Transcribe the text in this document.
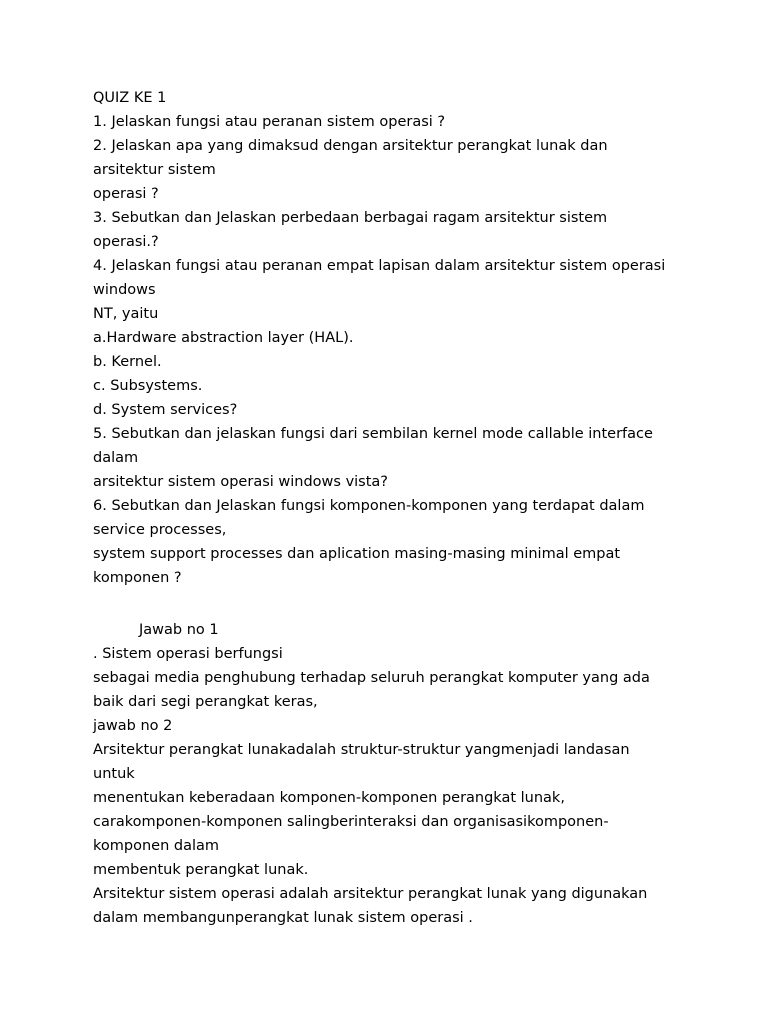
QUIZ KE 1
1. Jelaskan fungsi atau peranan sistem operasi ?
2. Jelaskan apa yang dimaksud dengan arsitektur perangkat lunak dan
arsitektur sistem
operasi ?
3. Sebutkan dan Jelaskan perbedaan berbagai ragam arsitektur sistem
operasi.?
4. Jelaskan fungsi atau peranan empat lapisan dalam arsitektur sistem operasi
windows
NT, yaitu
a.Hardware abstraction layer (HAL).
b. Kernel.
c. Subsystems.
d. System services?
5. Sebutkan dan jelaskan fungsi dari sembilan kernel mode callable interface
dalam
arsitektur sistem operasi windows vista?
6. Sebutkan dan Jelaskan fungsi komponen-komponen yang terdapat dalam
service processes,
system support processes dan aplication masing-masing minimal empat
komponen ?
Jawab no 1
. Sistem operasi berfungsi
sebagai media penghubung terhadap seluruh perangkat komputer yang ada
baik dari segi perangkat keras,
jawab no 2
Arsitektur perangkat lunakadalah struktur-struktur yangmenjadi landasan
untuk
menentukan keberadaan komponen-komponen perangkat lunak,
carakomponen-komponen salingberinteraksi dan organisasikomponen-
komponen dalam
membentuk perangkat lunak.
Arsitektur sistem operasi adalah arsitektur perangkat lunak yang digunakan
dalam membangunperangkat lunak sistem operasi .
